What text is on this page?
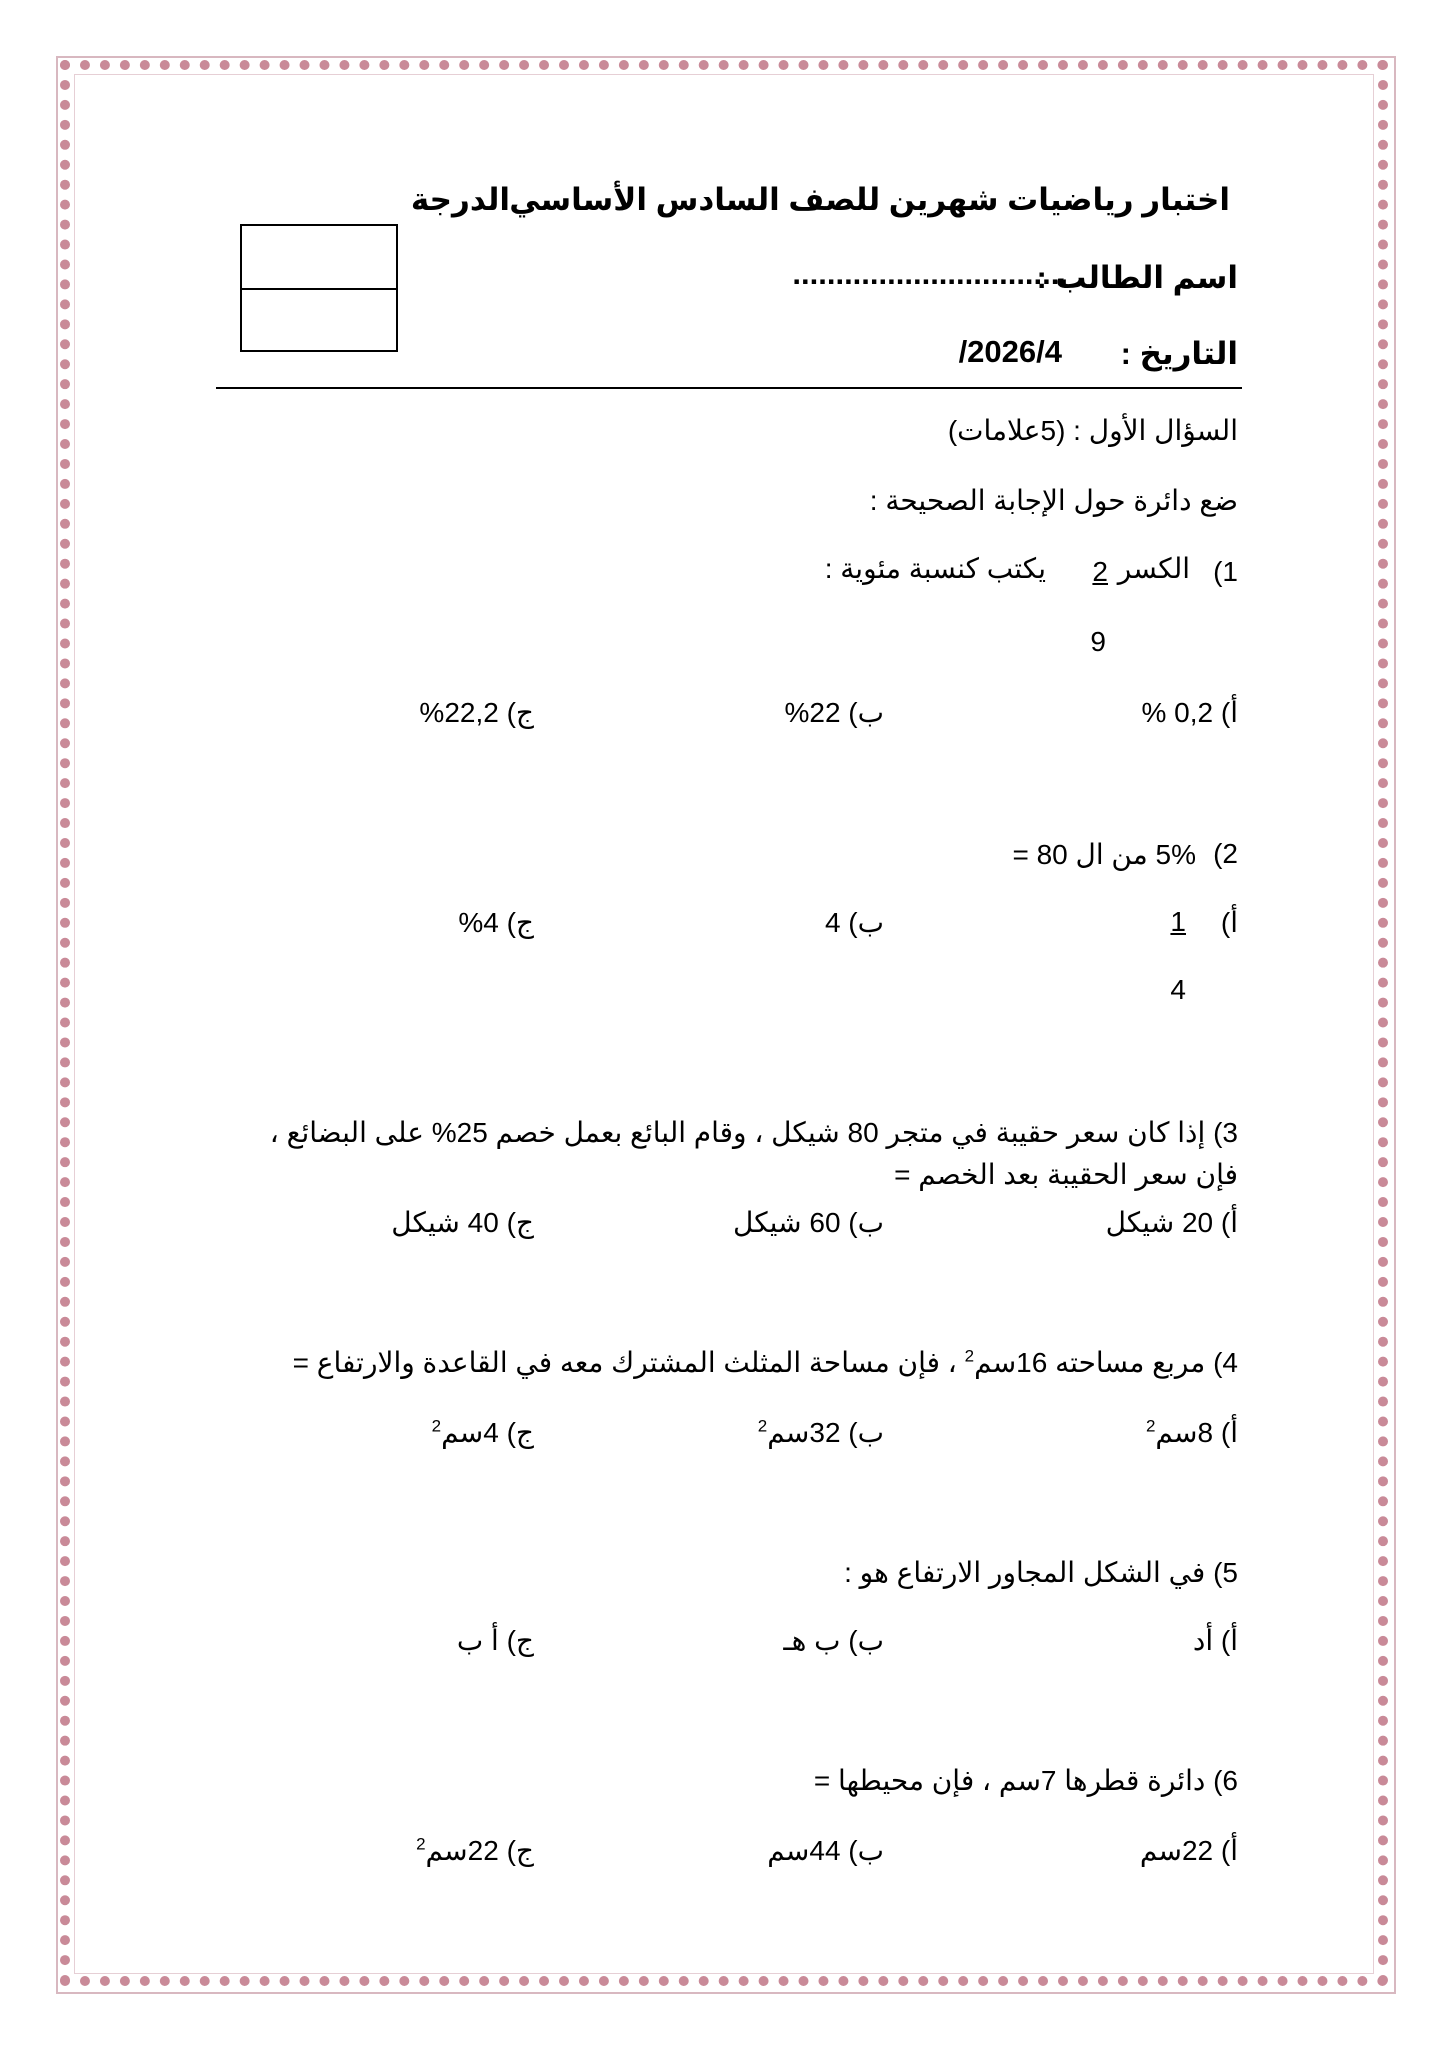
اختبار رياضيات شهرين للصف السادس الأساسي
الدرجة
اسم الطالب :
................................
التاريخ :
/2026/4
السؤال الأول : (5علامات)
ضع دائرة حول الإجابة الصحيحة :
1)
الكسر
2
يكتب كنسبة مئوية :
9
أ) 0,2 %
ب) 22%
ج) 22,2%
2)
5% من ال 80 =
أ)
1
4
ب) 4
ج) 4%
3) إذا كان سعر حقيبة في متجر 80 شيكل ، وقام البائع بعمل خصم 25% على البضائع ،
فإن سعر الحقيبة بعد الخصم =
أ) 20 شيكل
ب) 60 شيكل
ج) 40 شيكل
4) مربع مساحته 16سم$^2$ ، فإن مساحة المثلث المشترك معه في القاعدة والارتفاع =
أ) 8سم$^2$
ب) 32سم$^2$
ج) 4سم$^2$
5) في الشكل المجاور الارتفاع هو :
أ) أد
ب) ب هـ
ج) أ ب
6) دائرة قطرها 7سم ، فإن محيطها =
أ) 22سم
ب) 44سم
ج) 22سم$^2$
